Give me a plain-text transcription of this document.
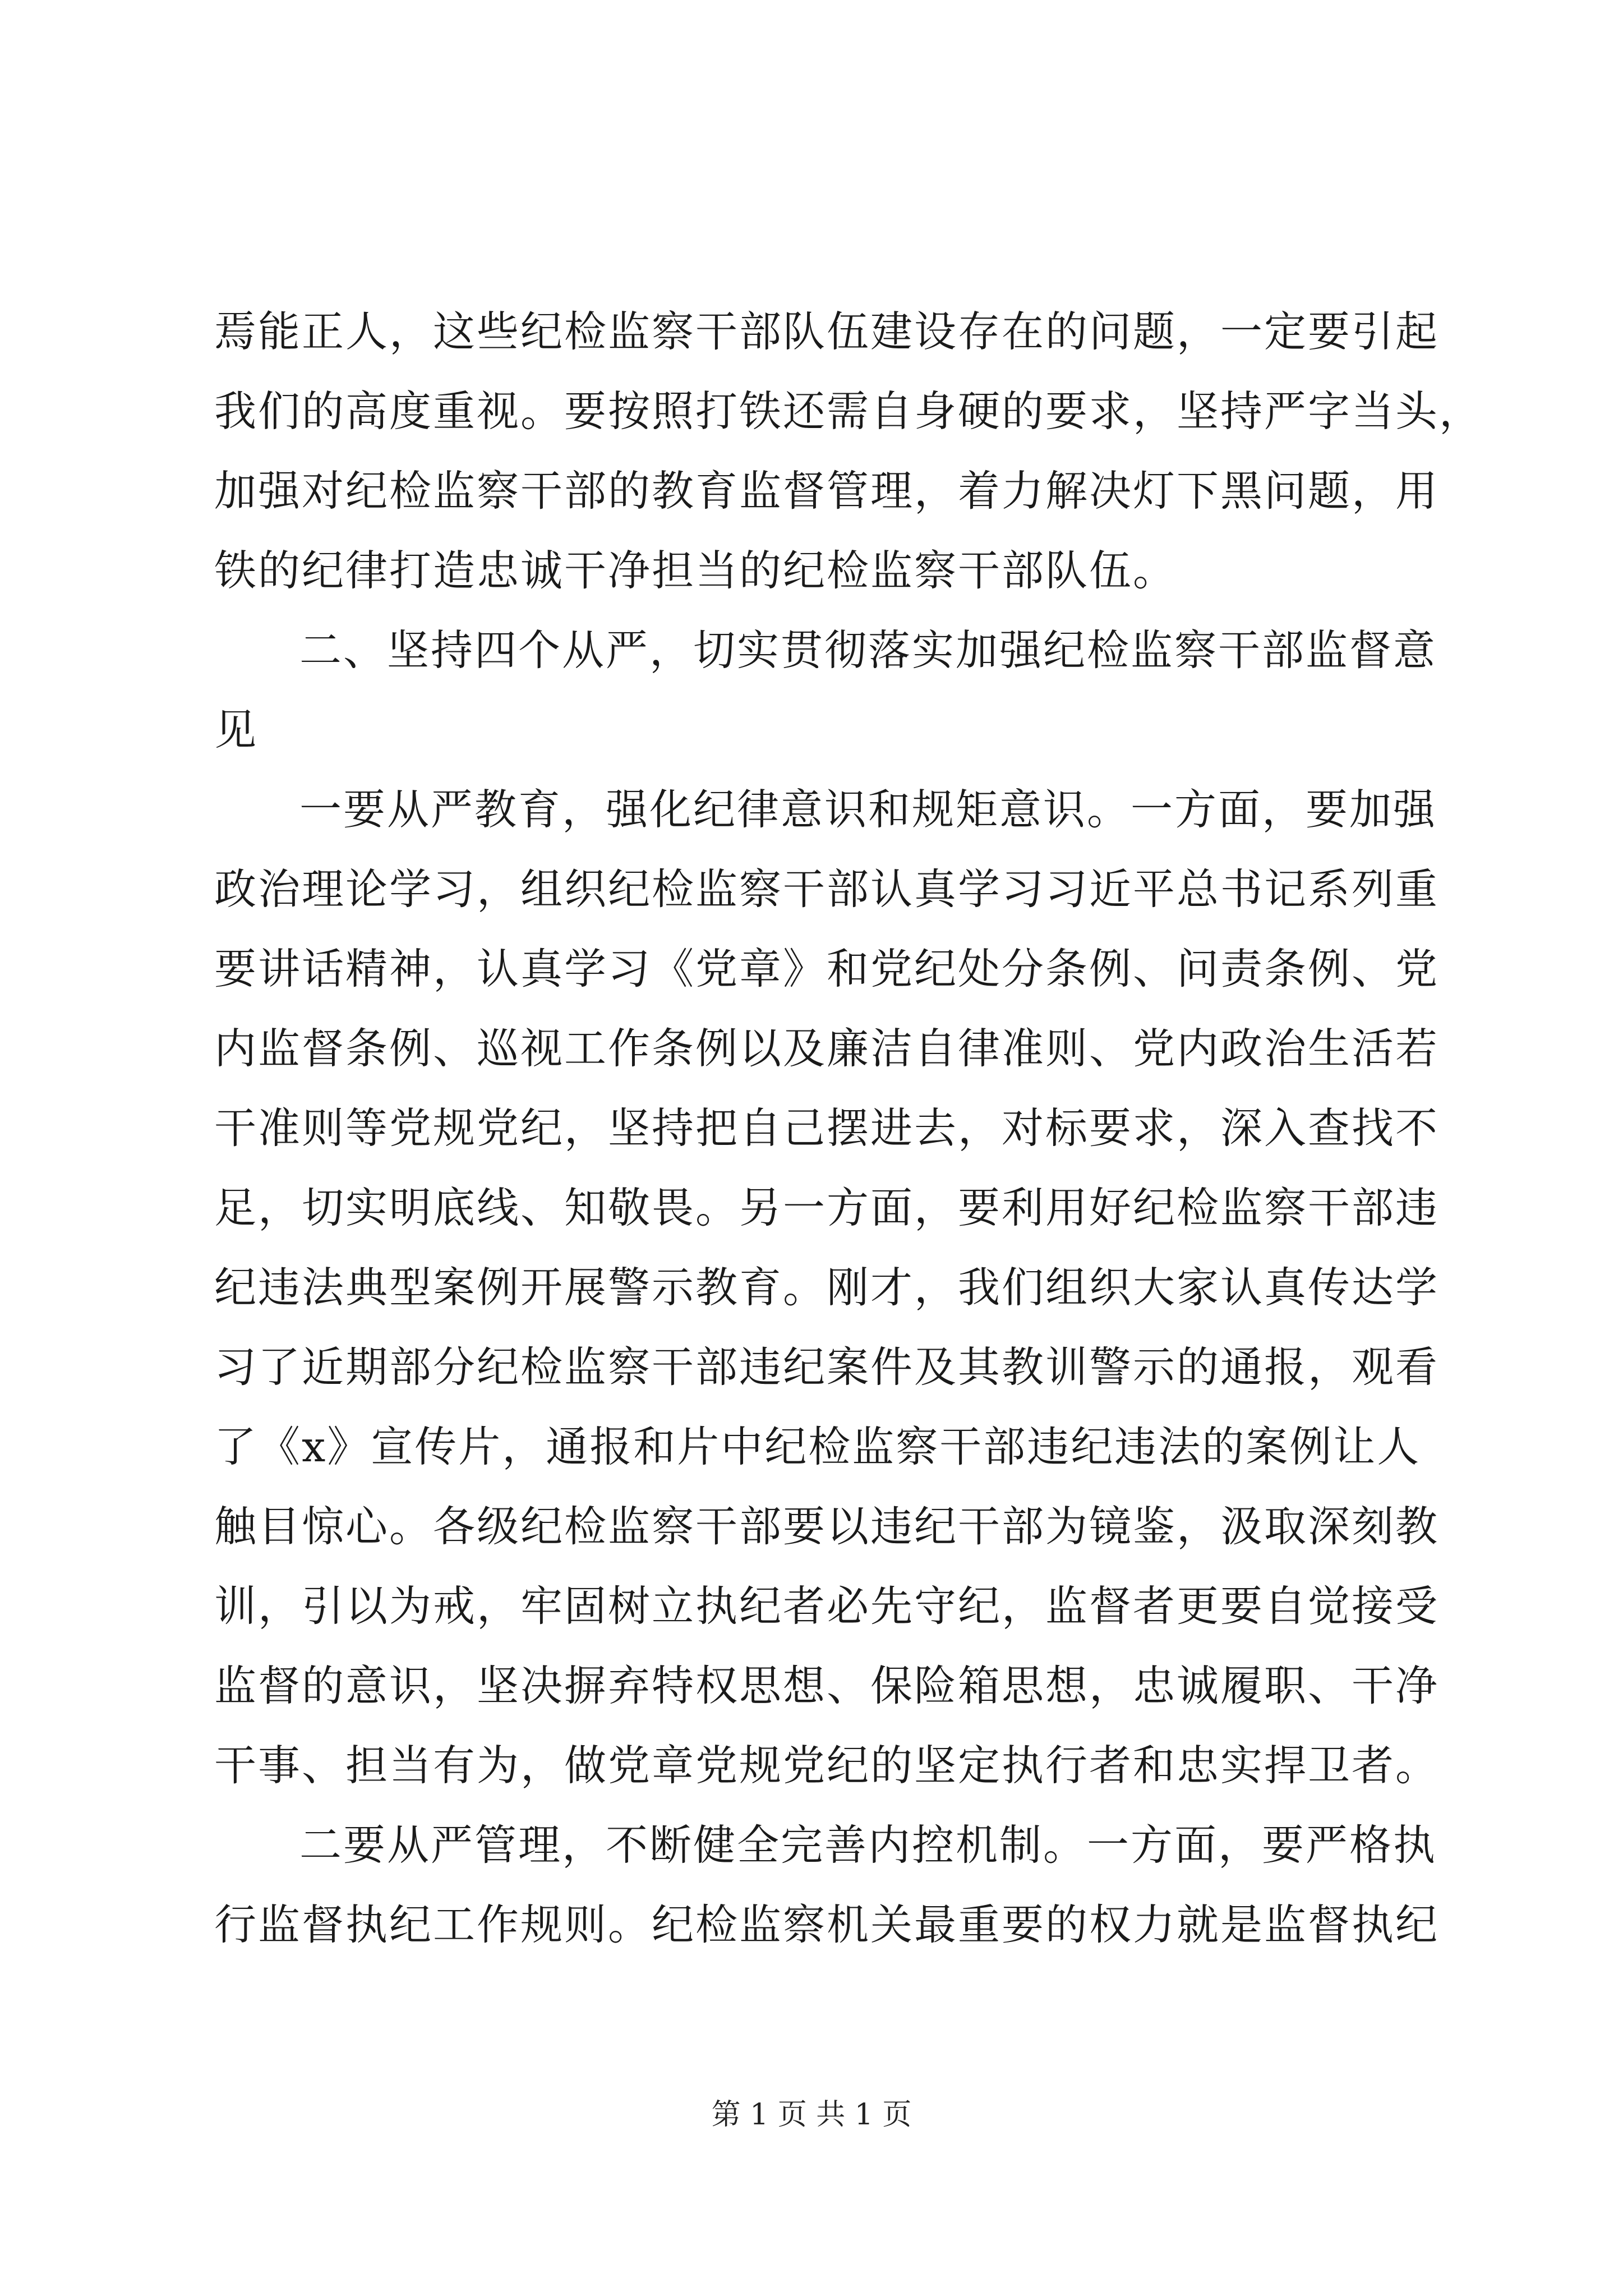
焉能正人，这些纪检监察干部队伍建设存在的问题，一定要引起
我们的高度重视。要按照打铁还需自身硬的要求，坚持严字当头，
加强对纪检监察干部的教育监督管理，着力解决灯下黑问题，用
铁的纪律打造忠诚干净担当的纪检监察干部队伍。
二、坚持四个从严，切实贯彻落实加强纪检监察干部监督意
见
一要从严教育，强化纪律意识和规矩意识。一方面，要加强
政治理论学习，组织纪检监察干部认真学习习近平总书记系列重
要讲话精神，认真学习《党章》和党纪处分条例、问责条例、党
内监督条例、巡视工作条例以及廉洁自律准则、党内政治生活若
干准则等党规党纪，坚持把自己摆进去，对标要求，深入查找不
足，切实明底线、知敬畏。另一方面，要利用好纪检监察干部违
纪违法典型案例开展警示教育。刚才，我们组织大家认真传达学
习了近期部分纪检监察干部违纪案件及其教训警示的通报，观看
了《x》宣传片，通报和片中纪检监察干部违纪违法的案例让人
触目惊心。各级纪检监察干部要以违纪干部为镜鉴，汲取深刻教
训，引以为戒，牢固树立执纪者必先守纪，监督者更要自觉接受
监督的意识，坚决摒弃特权思想、保险箱思想，忠诚履职、干净
干事、担当有为，做党章党规党纪的坚定执行者和忠实捍卫者。
二要从严管理，不断健全完善内控机制。一方面，要严格执
行监督执纪工作规则。纪检监察机关最重要的权力就是监督执纪
第 1 页 共 1 页
